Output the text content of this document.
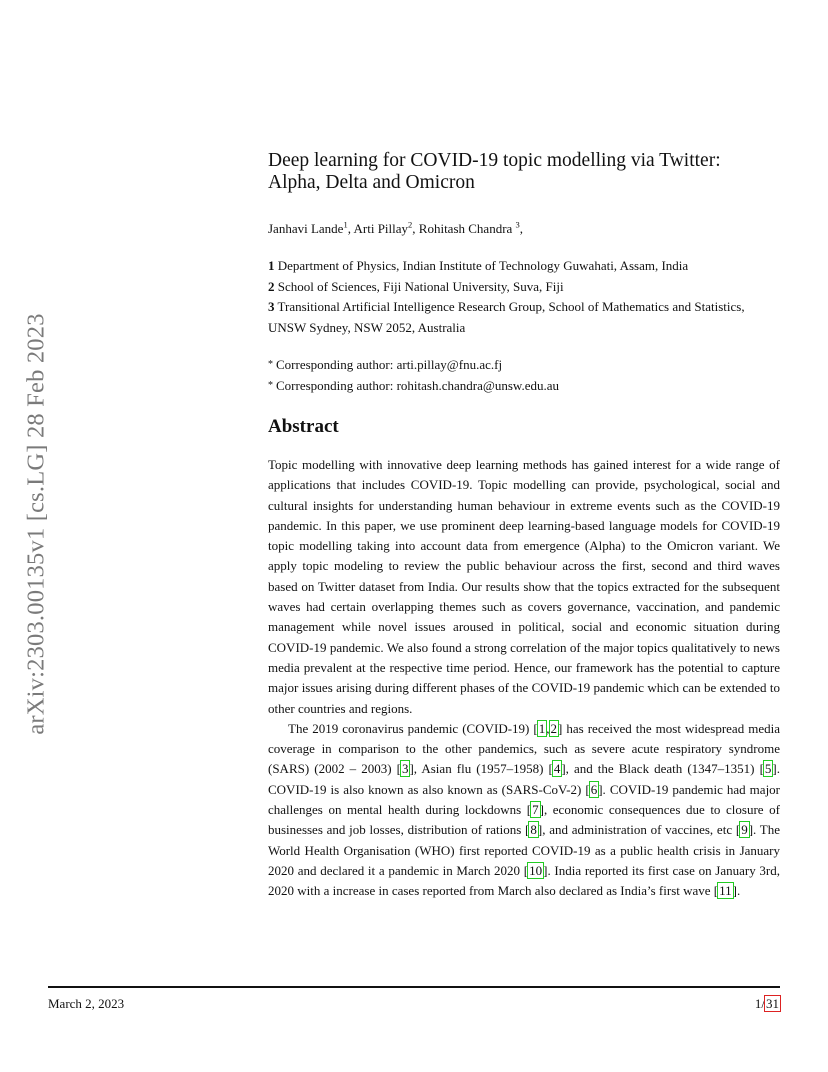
arXiv:2303.00135v1 [cs.LG] 28 Feb 2023
Deep learning for COVID-19 topic modelling via Twitter:
Alpha, Delta and Omicron
Janhavi Lande$^1$, Arti Pillay$^2$, Rohitash Chandra $^3$,
1 Department of Physics, Indian Institute of Technology Guwahati, Assam, India
2 School of Sciences, Fiji National University, Suva, Fiji
3 Transitional Artificial Intelligence Research Group, School of Mathematics and Statistics, UNSW Sydney, NSW 2052, Australia
* Corresponding author: arti.pillay@fnu.ac.fj
* Corresponding author: rohitash.chandra@unsw.edu.au
Abstract

Topic modelling with innovative deep learning methods has gained interest for a wide range of applications that includes COVID-19. Topic modelling can provide, psychological, social and cultural insights for understanding human behaviour in extreme events such as the COVID-19 pandemic. In this paper, we use prominent deep learning-based language models for COVID-19 topic modelling taking into account data from emergence (Alpha) to the Omicron variant. We apply topic modeling to review the public behaviour across the first, second and third waves based on Twitter dataset from India. Our results show that the topics extracted for the subsequent waves had certain overlapping themes such as covers governance, vaccination, and pandemic management while novel issues aroused in political, social and economic situation during COVID-19 pandemic. We also found a strong correlation of the major topics qualitatively to news media prevalent at the respective time period. Hence, our framework has the potential to capture major issues arising during different phases of the COVID-19 pandemic which can be extended to other countries and regions.

The 2019 coronavirus pandemic (COVID-19) [1,2] has received the most widespread media coverage in comparison to the other pandemics, such as severe acute respiratory syndrome (SARS) (2002 – 2003) [3], Asian flu (1957–1958) [4], and the Black death (1347–1351) [5]. COVID-19 is also known as also known as (SARS-CoV-2) [6]. COVID-19 pandemic had major challenges on mental health during lockdowns [7], economic consequences due to closure of businesses and job losses, distribution of rations [8], and administration of vaccines, etc [9]. The World Health Organisation (WHO) first reported COVID-19 as a public health crisis in January 2020 and declared it a pandemic in March 2020 [10]. India reported its first case on January 3rd, 2020 with a increase in cases reported from March also declared as India’s first wave [11].

March 2, 2023	1/31
